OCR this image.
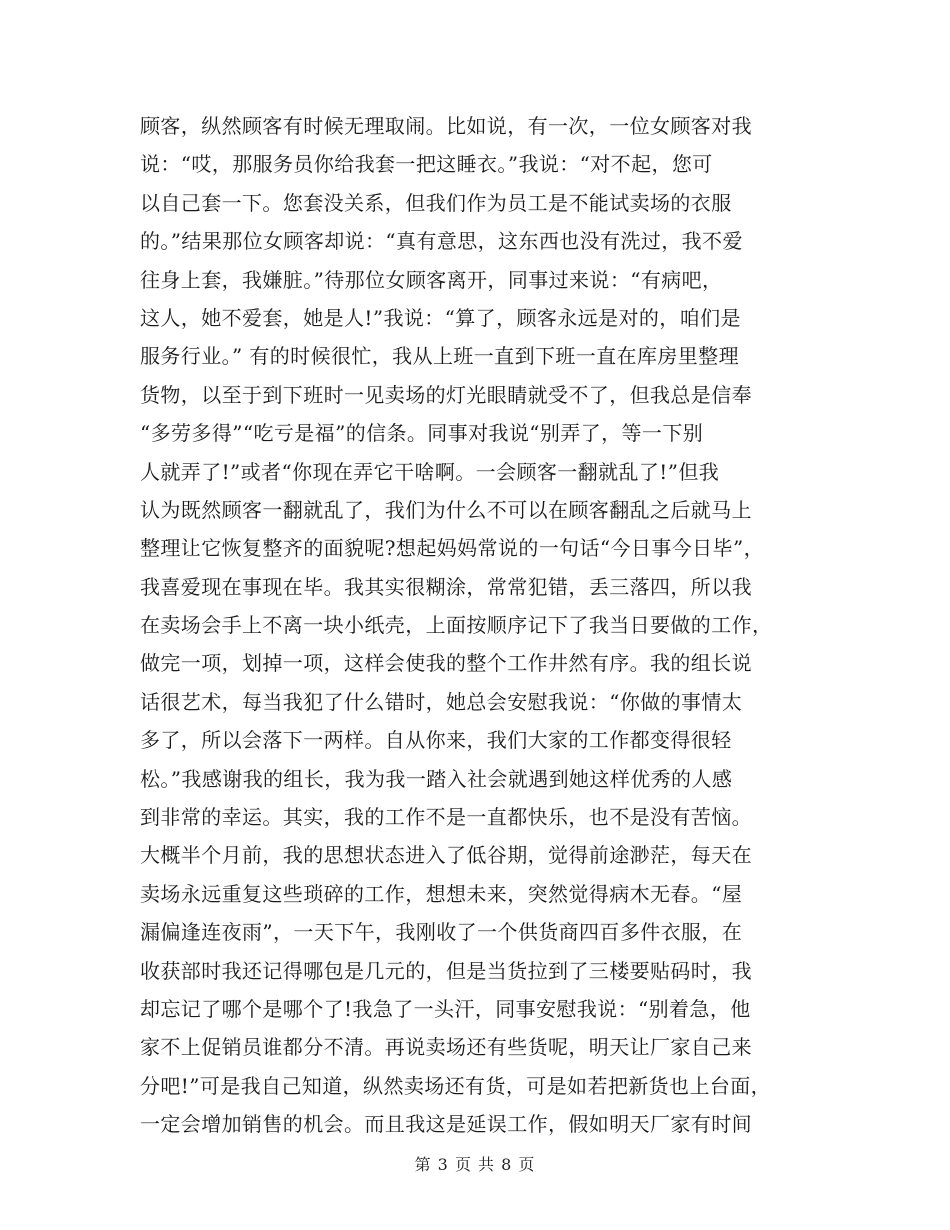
顾客，纵然顾客有时候无理取闹。比如说，有一次，一位女顾客对我
说：“哎，那服务员你给我套一把这睡衣。”我说：“对不起，您可
以自己套一下。您套没关系，但我们作为员工是不能试卖场的衣服
的。”结果那位女顾客却说：“真有意思，这东西也没有洗过，我不爱
往身上套，我嫌脏。”待那位女顾客离开，同事过来说：“有病吧，
这人，她不爱套，她是人!”我说：“算了，顾客永远是对的，咱们是
服务行业。” 有的时候很忙，我从上班一直到下班一直在库房里整理
货物，以至于到下班时一见卖场的灯光眼睛就受不了，但我总是信奉
“多劳多得”“吃亏是福”的信条。同事对我说“别弄了，等一下别
人就弄了!”或者“你现在弄它干啥啊。一会顾客一翻就乱了!”但我
认为既然顾客一翻就乱了，我们为什么不可以在顾客翻乱之后就马上
整理让它恢复整齐的面貌呢?想起妈妈常说的一句话“今日事今日毕”，
我喜爱现在事现在毕。我其实很糊涂，常常犯错，丢三落四，所以我
在卖场会手上不离一块小纸壳，上面按顺序记下了我当日要做的工作，
做完一项，划掉一项，这样会使我的整个工作井然有序。我的组长说
话很艺术，每当我犯了什么错时，她总会安慰我说：“你做的事情太
多了，所以会落下一两样。自从你来，我们大家的工作都变得很轻
松。”我感谢我的组长，我为我一踏入社会就遇到她这样优秀的人感
到非常的幸运。其实，我的工作不是一直都快乐，也不是没有苦恼。
大概半个月前，我的思想状态进入了低谷期，觉得前途渺茫，每天在
卖场永远重复这些琐碎的工作，想想未来，突然觉得病木无春。“屋
漏偏逢连夜雨”，一天下午，我刚收了一个供货商四百多件衣服，在
收获部时我还记得哪包是几元的，但是当货拉到了三楼要贴码时，我
却忘记了哪个是哪个了!我急了一头汗，同事安慰我说：“别着急，他
家不上促销员谁都分不清。再说卖场还有些货呢，明天让厂家自己来
分吧!”可是我自己知道，纵然卖场还有货，可是如若把新货也上台面，
一定会增加销售的机会。而且我这是延误工作，假如明天厂家有时间
第 3 页 共 8 页
